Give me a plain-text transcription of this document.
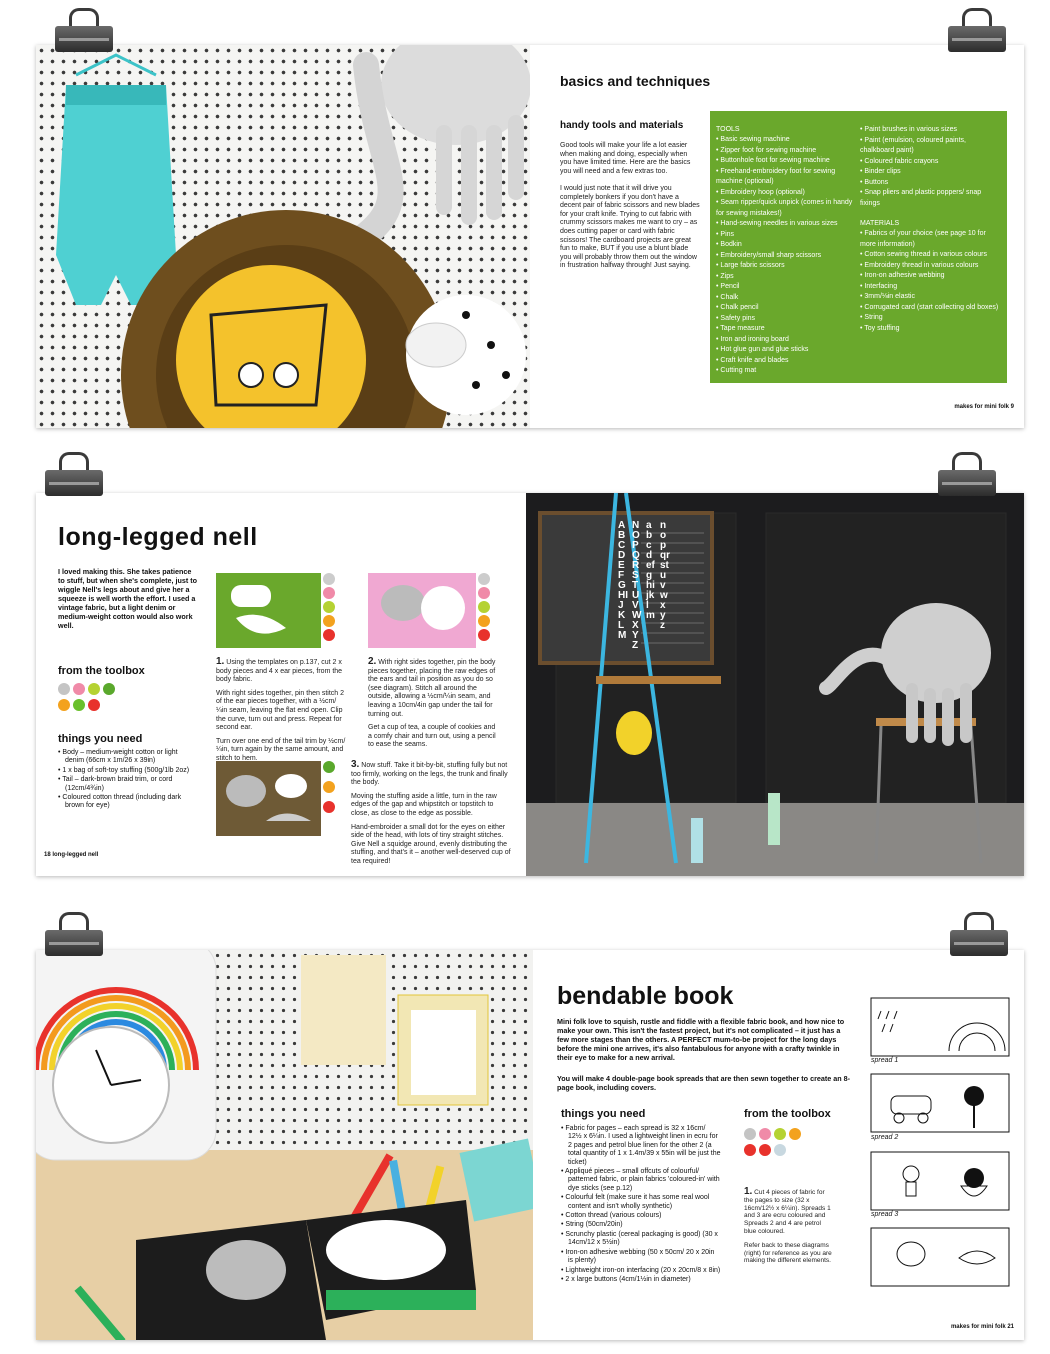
basics and techniques
handy tools and materials
Good tools will make your life a lot easier when making and doing, especially when you have limited time. Here are the basics you will need and a few extras too.
I would just note that it will drive you completely bonkers if you don't have a decent pair of fabric scissors and new blades for your craft knife. Trying to cut fabric with crummy scissors makes me want to cry – as does cutting paper or card with fabric scissors! The cardboard projects are great fun to make, BUT if you use a blunt blade you will probably throw them out the window in frustration halfway through! Just saying.
TOOLS
• Basic sewing machine
• Zipper foot for sewing machine
• Buttonhole foot for sewing machine
• Freehand-embroidery foot for sewing machine (optional)
• Embroidery hoop (optional)
• Seam ripper/quick unpick (comes in handy for sewing mistakes!)
• Hand-sewing needles in various sizes
• Pins
• Bodkin
• Embroidery/small sharp scissors
• Large fabric scissors
• Zips
• Pencil
• Chalk
• Chalk pencil
• Safety pins
• Tape measure
• Iron and ironing board
• Hot glue gun and glue sticks
• Craft knife and blades
• Cutting mat
• Paint brushes in various sizes
• Paint (emulsion, coloured paints, chalkboard paint)
• Coloured fabric crayons
• Binder clips
• Buttons
• Snap pliers and plastic poppers/ snap fixings
MATERIALS
• Fabrics of your choice (see page 10 for more information)
• Cotton sewing thread in various colours
• Embroidery thread in various colours
• Iron-on adhesive webbing
• Interfacing
• 3mm/⅛in elastic
• Corrugated card (start collecting old boxes)
• String
• Toy stuffing
makes for mini folk 9
long-legged nell
I loved making this. She takes patience to stuff, but when she's complete, just to wiggle Nell's legs about and give her a squeeze is well worth the effort. I used a vintage fabric, but a light denim or medium-weight cotton would also work well.
from the toolbox
things you need
• Body – medium-weight cotton or light denim (66cm x 1m/26 x 39in)
• 1 x bag of soft-toy stuffing (500g/1lb 2oz)
• Tail – dark-brown braid trim, or cord (12cm/4¾in)
• Coloured cotton thread (including dark brown for eye)
1. Using the templates on p.137, cut 2 x body pieces and 4 x ear pieces, from the body fabric.
With right sides together, pin then stitch 2 of the ear pieces together, with a ½cm/¼in seam, leaving the flat end open. Clip the curve, turn out and press. Repeat for second ear.
Turn over one end of the tail trim by ½cm/¼in, turn again by the same amount, and stitch to hem.
2. With right sides together, pin the body pieces together, placing the raw edges of the ears and tail in position as you do so (see diagram). Stitch all around the outside, allowing a ½cm/¼in seam, and leaving a 10cm/4in gap under the tail for turning out.
Get a cup of tea, a couple of cookies and a comfy chair and turn out, using a pencil to ease the seams.
3. Now stuff. Take it bit-by-bit, stuffing fully but not too firmly, working on the legs, the trunk and finally the body.
Moving the stuffing aside a little, turn in the raw edges of the gap and whipstitch or topstitch to close, as close to the edge as possible.
Hand-embroider a small dot for the eyes on either side of the head, with lots of tiny straight stitches. Give Nell a squidge around, evenly distributing the stuffing, and that's it – another well-deserved cup of tea required!
18 long-legged nell
ABCDEFGHIJKLM
NOPQRSTUVWXYZ
abcdefghijklm
nopqrstuvwxyz
bendable book
Mini folk love to squish, rustle and fiddle with a flexible fabric book, and how nice to make your own. This isn't the fastest project, but it's not complicated – it just has a few more stages than the others. A PERFECT mum-to-be project for the long days before the mini one arrives, it's also fantabulous for anyone with a crafty twinkle in their eye to make for a new arrival.
You will make 4 double-page book spreads that are then sewn together to create an 8-page book, including covers.
things you need
• Fabric for pages – each spread is 32 x 16cm/ 12½ x 6¼in. I used a lightweight linen in ecru for 2 pages and petrol blue linen for the other 2 (a total quantity of 1 x 1.4m/39 x 55in will be just the ticket)
• Appliqué pieces – small offcuts of colourful/ patterned fabric, or plain fabrics 'coloured-in' with dye sticks (see p.12)
• Colourful felt (make sure it has some real wool content and isn't wholly synthetic)
• Cotton thread (various colours)
• String (50cm/20in)
• Scrunchy plastic (cereal packaging is good) (30 x 14cm/12 x 5½in)
• Iron-on adhesive webbing (50 x 50cm/ 20 x 20in is plenty)
• Lightweight iron-on interfacing (20 x 20cm/8 x 8in)
• 2 x large buttons (4cm/1½in in diameter)
from the toolbox
1. Cut 4 pieces of fabric for the pages to size (32 x 16cm/12½ x 6¼in). Spreads 1 and 3 are ecru coloured and Spreads 2 and 4 are petrol blue coloured.
Refer back to these diagrams (right) for reference as you are making the different elements.
spread 1
spread 2
spread 3
makes for mini folk 21
